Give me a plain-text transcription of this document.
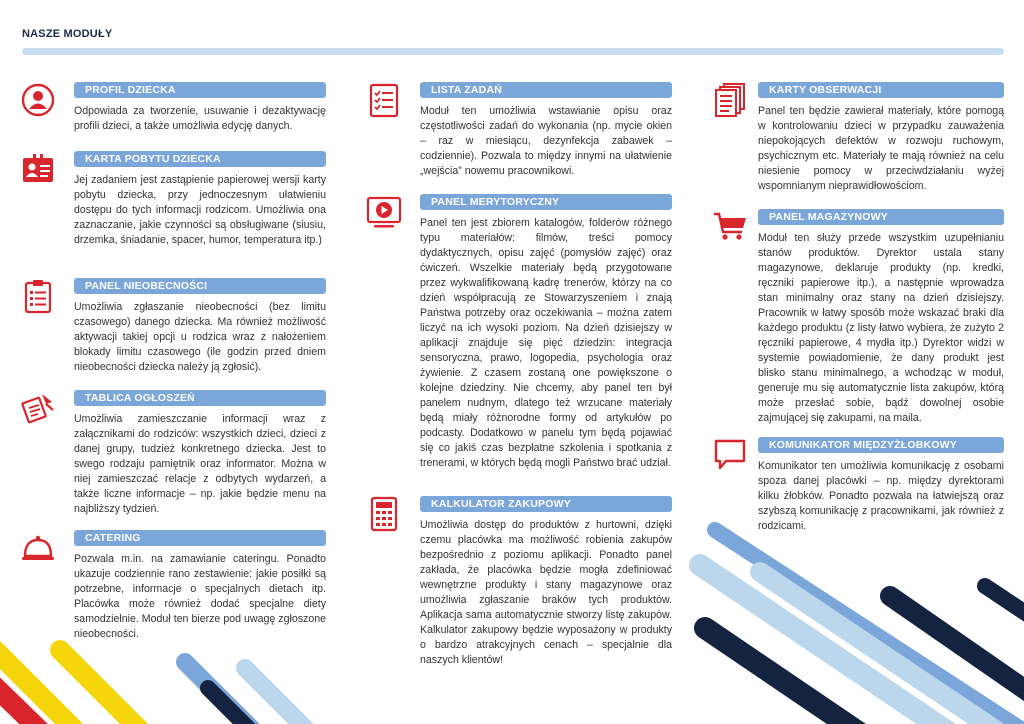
NASZE MODUŁY
PROFIL DZIECKA

Odpowiada za tworzenie, usuwanie i dezaktywację profili dzieci, a także umożliwia edycję danych.

KARTA POBYTU DZIECKA

Jej zadaniem jest zastąpienie papierowej wersji karty pobytu dziecka, przy jednoczesnym ułatwieniu dostępu do tych informacji rodzicom. Umożliwia ona zaznaczanie, jakie czynności są obsługiwane (siusiu, drzemka, śniadanie, spacer, humor, temperatura itp.)

PANEL NIEOBECNOŚCI

Umożliwia zgłaszanie nieobecności (bez limitu czasowego) danego dziecka. Ma również możliwość aktywacji takiej opcji u rodzica wraz z nałożeniem blokady limitu czasowego (ile godzin przed dniem nieobecności dziecka należy ją zgłosić).

TABLICA OGŁOSZEŃ

Umożliwia zamieszczanie informacji wraz z załącznikami do rodziców: wszystkich dzieci, dzieci z danej grupy, tudzież konkretnego dziecka. Jest to swego rodzaju pamiętnik oraz informator. Można w niej zamieszczać relacje z odbytych wydarzeń, a także liczne informacje – np. jakie będzie menu na najbliższy tydzień.

CATERING

Pozwala m.in. na zamawianie cateringu. Ponadto ukazuje codziennie rano zestawienie: jakie posiłki są potrzebne, informacje o specjalnych dietach itp. Placówka może również dodać specjalne diety samodzielnie. Moduł ten bierze pod uwagę zgłoszone nieobecności.

LISTA ZADAŃ

Moduł ten umożliwia wstawianie opisu oraz częstotliwości zadań do wykonania (np. mycie okien – raz w miesiącu, dezynfekcja zabawek – codziennie). Pozwala to między innymi na ułatwienie „wejścia” nowemu pracownikowi.

PANEL MERYTORYCZNY

Panel ten jest zbiorem katalogów, folderów różnego typu materiałów: filmów, treści pomocy dydaktycznych, opisu zajęć (pomysłów zajęć) oraz ćwiczeń. Wszelkie materiały będą przygotowane przez wykwalifikowaną kadrę trenerów, którzy na co dzień współpracują ze Stowarzyszeniem i znają Państwa potrzeby oraz oczekiwania – można zatem liczyć na ich wysoki poziom. Na dzień dzisiejszy w aplikacji znajduje się pięć dziedzin: integracja sensoryczna, prawo, logopedia, psychologia oraz żywienie. Z czasem zostaną one powiększone o kolejne dziedziny. Nie chcemy, aby panel ten był panelem nudnym, dlatego też wrzucane materiały będą miały różnorodne formy od artykułów po podcasty. Dodatkowo w panelu tym będą pojawiać się co jakiś czas bezpłatne szkolenia i spotkania z trenerami, w których będą mogli Państwo brać udział.

KALKULATOR ZAKUPOWY

Umożliwia dostęp do produktów z hurtowni, dzięki czemu placówka ma możliwość robienia zakupów bezpośrednio z poziomu aplikacji. Ponadto panel zakłada, że placówka będzie mogła zdefiniować wewnętrzne produkty i stany magazynowe oraz umożliwia zgłaszanie braków tych produktów. Aplikacja sama automatycznie stworzy listę zakupów. Kalkulator zakupowy będzie wyposażony w produkty o bardzo atrakcyjnych cenach – specjalnie dla naszych klientów!

KARTY OBSERWACJI

Panel ten będzie zawierał materiały, które pomogą w kontrolowaniu dzieci w przypadku zauważenia niepokojących defektów w rozwoju ruchowym, psychicznym etc. Materiały te mają również na celu niesienie pomocy w przeciwdziałaniu wyżej wspomnianym nieprawidłowościom.

PANEL MAGAZYNOWY

Moduł ten służy przede wszystkim uzupełnianiu stanów produktów. Dyrektor ustala stany magazynowe, deklaruje produkty (np. kredki, ręczniki papierowe itp.), a następnie wprowadza stan minimalny oraz stany na dzień dzisiejszy. Pracownik w łatwy sposób może wskazać braki dla każdego produktu (z listy łatwo wybiera, że zużyto 2 ręczniki papierowe, 4 mydła itp.) Dyrektor widzi w systemie powiadomienie, że dany produkt jest blisko stanu minimalnego, a wchodząc w moduł, generuje mu się automatycznie lista zakupów, którą może przesłać sobie, bądź dowolnej osobie zajmującej się zakupami, na maila.

KOMUNIKATOR MIĘDZYŻŁOBKOWY

Komunikator ten umożliwia komunikację z osobami spoza danej placówki – np. między dyrektorami kilku żłobków. Ponadto pozwala na łatwiejszą oraz szybszą komunikację z pracownikami, jak również z rodzicami.
